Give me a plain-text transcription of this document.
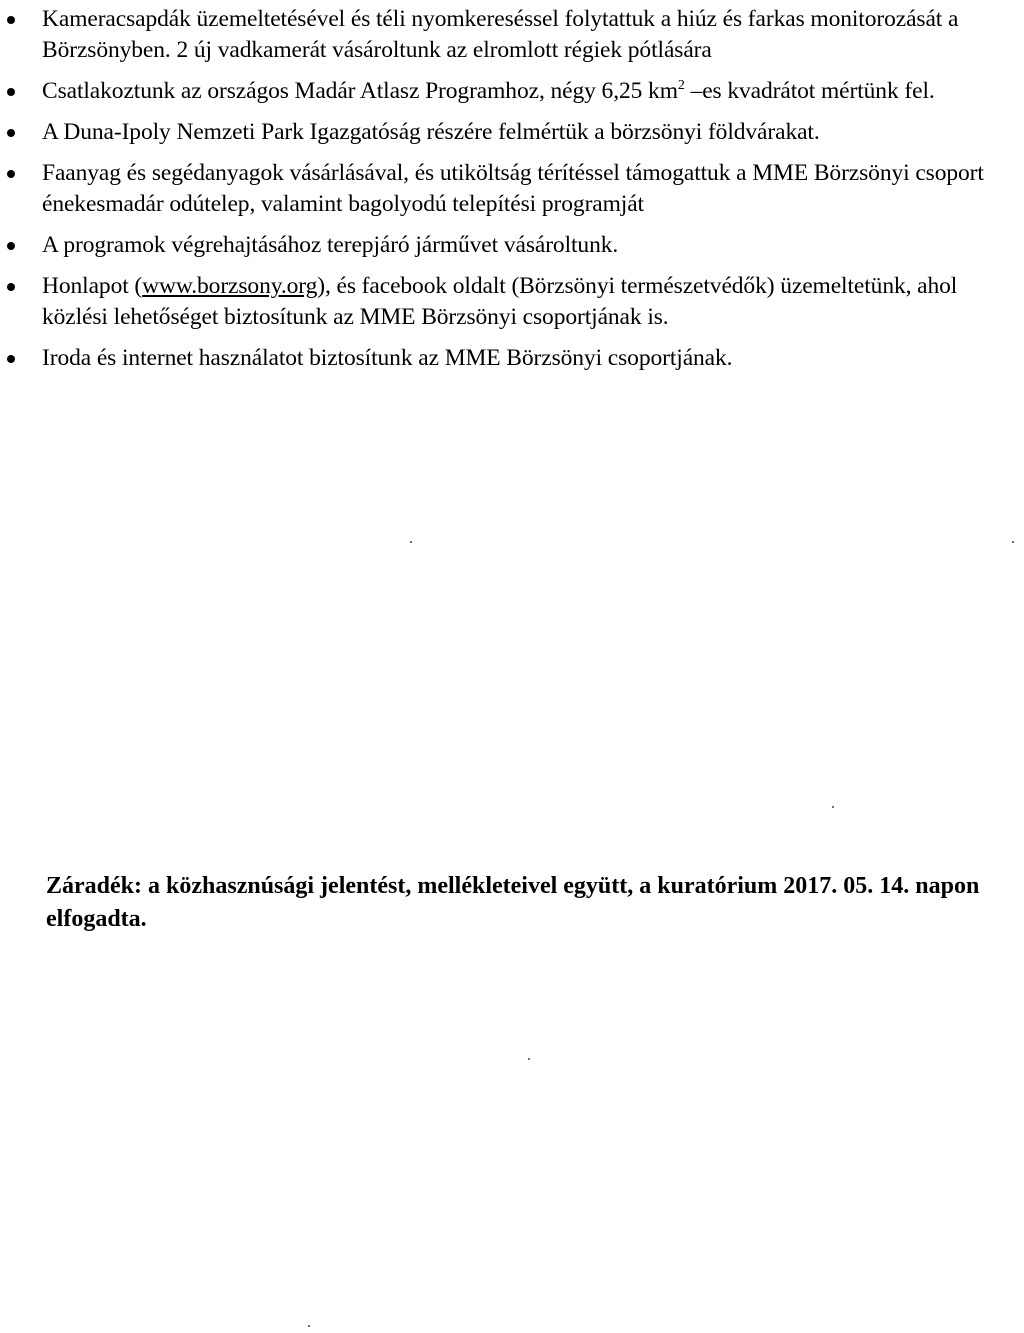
Kameracsapdák üzemeltetésével és téli nyomkereséssel folytattuk a hiúz és farkas monitorozását a Börzsönyben. 2 új vadkamerát vásároltunk az elromlott régiek pótlására
Csatlakoztunk az országos Madár Atlasz Programhoz, négy 6,25 $km^2$ –es kvadrátot mértünk fel.
A Duna-Ipoly Nemzeti Park Igazgatóság részére felmértük a börzsönyi földvárakat.
Faanyag és segédanyagok vásárlásával, és utiköltság térítéssel támogattuk a MME Börzsönyi csoport énekesmadár odútelep, valamint bagolyodú telepítési programját
A programok végrehajtásához terepjáró járművet vásároltunk.
Honlapot (www.borzsony.org), és facebook oldalt (Börzsönyi természetvédők) üzemeltetünk, ahol közlési lehetőséget biztosítunk az MME Börzsönyi csoportjának is.
Iroda és internet használatot biztosítunk az MME Börzsönyi csoportjának.
Záradék: a közhasznúsági jelentést, mellékleteivel együtt, a kuratórium 2017. 05. 14. napon elfogadta.
